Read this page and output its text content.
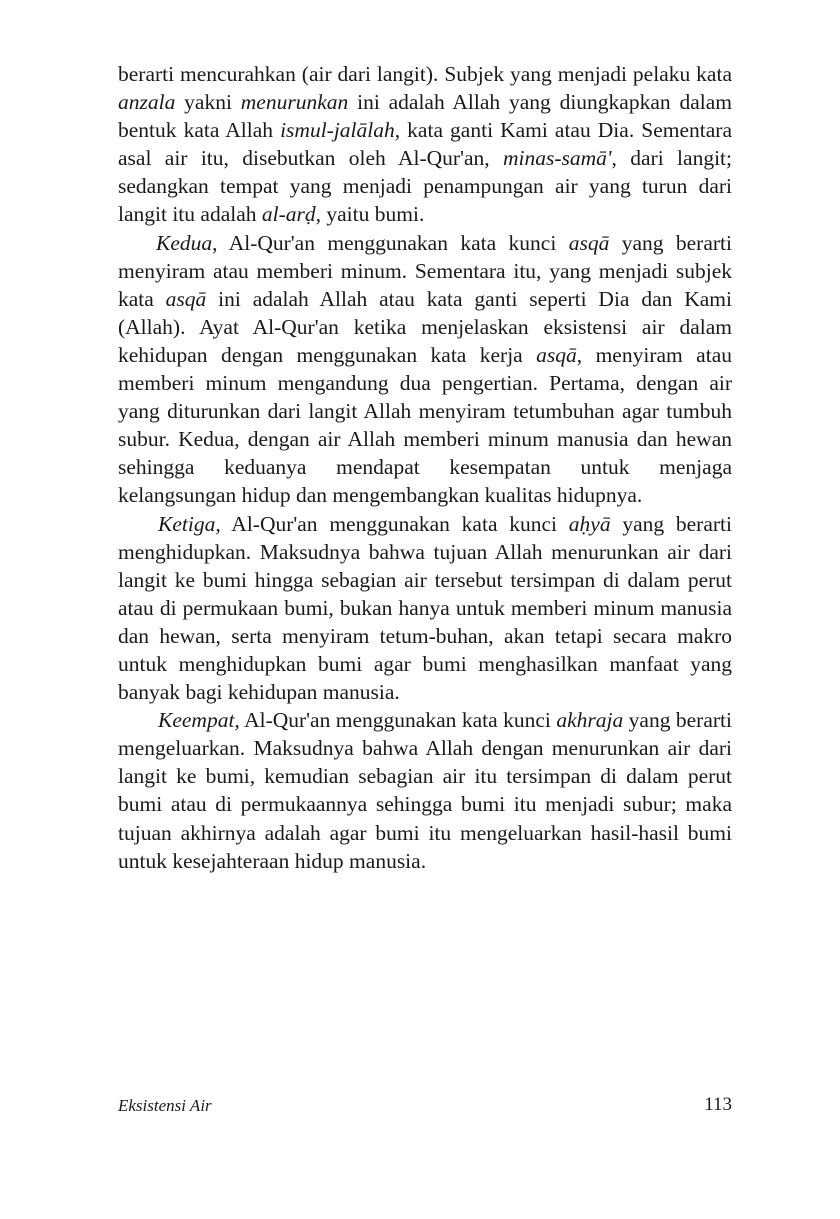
berarti mencurahkan (air dari langit). Subjek yang menjadi pelaku kata anzala yakni menurunkan ini adalah Allah yang diungkapkan dalam bentuk kata Allah ismul-jalālah, kata ganti Kami atau Dia. Sementara asal air itu, disebutkan oleh Al-Qur'an, minas-samā', dari langit; sedangkan tempat yang menjadi penampungan air yang turun dari langit itu adalah al-arḍ, yaitu bumi.

Kedua, Al-Qur'an menggunakan kata kunci asqā yang berarti menyiram atau memberi minum. Sementara itu, yang menjadi subjek kata asqā ini adalah Allah atau kata ganti seperti Dia dan Kami (Allah). Ayat Al-Qur'an ketika menjelaskan eksistensi air dalam kehidupan dengan menggunakan kata kerja asqā, menyiram atau memberi minum mengandung dua pengertian. Pertama, dengan air yang diturunkan dari langit Allah menyiram tetumbuhan agar tumbuh subur. Kedua, dengan air Allah memberi minum manusia dan hewan sehingga keduanya mendapat kesempatan untuk menjaga kelangsungan hidup dan mengembangkan kualitas hidupnya.

Ketiga, Al-Qur'an menggunakan kata kunci aḥyā yang berarti menghidupkan. Maksudnya bahwa tujuan Allah menurunkan air dari langit ke bumi hingga sebagian air tersebut tersimpan di dalam perut atau di permukaan bumi, bukan hanya untuk memberi minum manusia dan hewan, serta menyiram tetum-buhan, akan tetapi secara makro untuk menghidupkan bumi agar bumi menghasilkan manfaat yang banyak bagi kehidupan manusia.

Keempat, Al-Qur'an menggunakan kata kunci akhraja yang berarti mengeluarkan. Maksudnya bahwa Allah dengan menurunkan air dari langit ke bumi, kemudian sebagian air itu tersimpan di dalam perut bumi atau di permukaannya sehingga bumi itu menjadi subur; maka tujuan akhirnya adalah agar bumi itu mengeluarkan hasil-hasil bumi untuk kesejahteraan hidup manusia.

Eksistensi Air	113
